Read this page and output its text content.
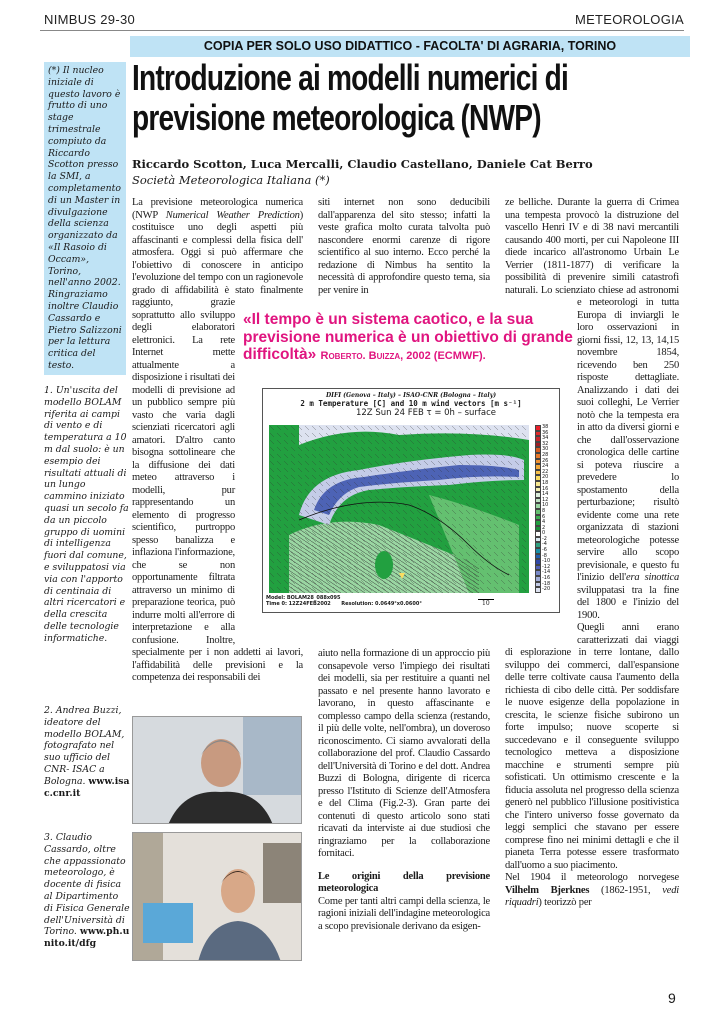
NIMBUS 29-30	METEOROLOGIA
COPIA PER SOLO USO DIDATTICO - FACOLTA' DI AGRARIA, TORINO
(*) Il nucleo iniziale di questo lavoro è frutto di uno stage trimestrale compiuto da Riccardo Scotton presso la SMI, a completamento di un Master in divulgazione della scienza organizzato da «Il Rasoio di Occam», Torino, nell'anno 2002. Ringraziamo inoltre Claudio Cassardo e Pietro Salizzoni per la lettura critica del testo.
1. Un'uscita del modello BOLAM riferita ai campi di vento e di temperatura a 10 m dal suolo: è un esempio dei risultati attuali di un lungo cammino iniziato quasi un secolo fa da un piccolo gruppo di uomini di intelligenza fuori dal comune, e sviluppatosi via via con l'apporto di centinaia di altri ricercatori e della crescita delle tecnologie informatiche.
2. Andrea Buzzi, ideatore del modello BOLAM, fotografato nel suo ufficio del CNR- ISAC a Bologna. www.isac.cnr.it
3. Claudio Cassardo, oltre che appassionato meteorologo, è docente di fisica al Dipartimento di Fisica Generale dell'Università di Torino. www.ph.unito.it/dfg
Introduzione ai modelli numerici di previsione meteorologica (NWP)
Riccardo Scotton, Luca Mercalli, Claudio Castellano, Daniele Cat Berro
Società Meteorologica Italiana (*)

La previsione meteorologica numerica (NWP Numerical Weather Prediction) costituisce uno degli aspetti più affascinanti e complessi della fisica dell' atmosfera. Oggi si può affermare che l'obiettivo di conoscere in anticipo l'evoluzione del tempo con un ragionevole grado di affidabilità è stato finalmente raggiunto, grazie soprattutto allo sviluppo degli elaboratori elettronici. La rete Internet mette attualmente a disposizione i risultati dei modelli di previsione ad un pubblico sempre più vasto che varia dagli scienziati ricercatori agli amatori. D'altro canto bisogna sottolineare che la diffusione dei dati meteo attraverso i modelli, pur rappresentando un elemento di progresso scientifico, purtroppo spesso banalizza e inflaziona l'informazione, che se non opportunamente filtrata attraverso un minimo di preparazione teorica, può indurre molti all'errore di interpretazione e alla confusione. Inoltre, specialmente per i non addetti ai lavori, l'affidabilità delle previsioni e la competenza dei responsabili dei

siti internet non sono deducibili dall'apparenza del sito stesso; infatti la veste grafica molto curata talvolta può nascondere enormi carenze di rigore scientifico al suo interno. Ecco perché la redazione di Nimbus ha sentito la necessità di approfondire questo tema, sia per venire in

aiuto nella formazione di un approccio più consapevole verso l'impiego dei risultati dei modelli, sia per restituire a quanti nel passato e nel presente hanno lavorato e lavorano, in questo affascinante e complesso campo della scienza (restando, il più delle volte, nell'ombra), un doveroso riconoscimento. Ci siamo avvalorati della collaborazione del prof. Claudio Cassardo dell'Università di Torino e del dott. Andrea Buzzi di Bologna, dirigente di ricerca presso l'Istituto di Scienze dell'Atmosfera e del Clima (Fig.2-3). Gran parte dei contenuti di questo articolo sono stati ricavati da interviste ai due studiosi che ringraziamo per la collaborazione fornitaci.

Le origini della previsione meteorologica

Come per tanti altri campi della scienza, le ragioni iniziali dell'indagine meteorologica a scopo previsionale derivano da esigen-

ze belliche. Durante la guerra di Crimea una tempesta provocò la distruzione del vascello Henri IV e di 38 navi mercantili causando 400 morti, per cui Napoleone III diede incarico all'astronomo Urbain Le Verrier (1811-1877) di verificare la possibilità di prevenire simili catastrofi naturali. Lo scienziato chiese ad astronomi e meteorologi in tutta Europa di inviargli le loro osservazioni in giorni fissi, 12, 13, 14,15 novembre 1854, ricevendo ben 250 risposte dettagliate. Analizzando i dati dei suoi colleghi, Le Verrier notò che la tempesta era in atto da diversi giorni e che dall'osservazione cronologica delle cartine si poteva riuscire a prevedere lo spostamento della perturbazione; risultò evidente come una rete organizzata di stazioni meteorologiche potesse servire allo scopo previsionale, e questo fu l'inizio dell'era sinottica sviluppatasi tra la fine del 1800 e l'inizio del 1900.

Quegli anni erano caratterizzati dai viaggi di esplorazione in terre lontane, dallo sviluppo dei commerci, dall'espansione delle terre coltivate causa l'aumento della richiesta di cibo delle città. Per soddisfare le nuove esigenze della popolazione in crescita, le scienze fisiche subirono un forte impulso; nuove scoperte si succedevano e il conseguente sviluppo tecnologico metteva a disposizione macchine e strumenti sempre più sofisticati. Un ottimismo crescente e la fiducia assoluta nel progresso della scienza generò nel pubblico l'illusione positivistica che l'intero universo fosse governato da leggi semplici che stavano per essere comprese fino nei minimi dettagli e che il pianeta Terra potesse essere trasformato dall'uomo a suo piacimento.

Nel 1904 il meteorologo norvegese Vilhelm Bjerknes (1862-1951, vedi riquadri) teorizzò per

«Il tempo è un sistema caotico, e la sua previsione numerica è un obiettivo di grande difficoltà» Roberto. Buizza, 2002 (ECMWF).
DIFI (Genova – Italy) – ISAO-CNR (Bologna – Italy)
2 m Temperature [C] and 10 m wind vectors [m s⁻¹]
12Z Sun 24 FEB τ = 0h – surface
38
36
34
32
30
28
26
24
22
20
18
16
14
12
10
8
6
4
2
0
-2
-4
-6
-8
-10
-12
-14
-16
-18
-20
Model: BOLAM28_088x095
Time 0: 12Z24FEB2002 Resolution: 0.0649°x0.0600°	10
9
